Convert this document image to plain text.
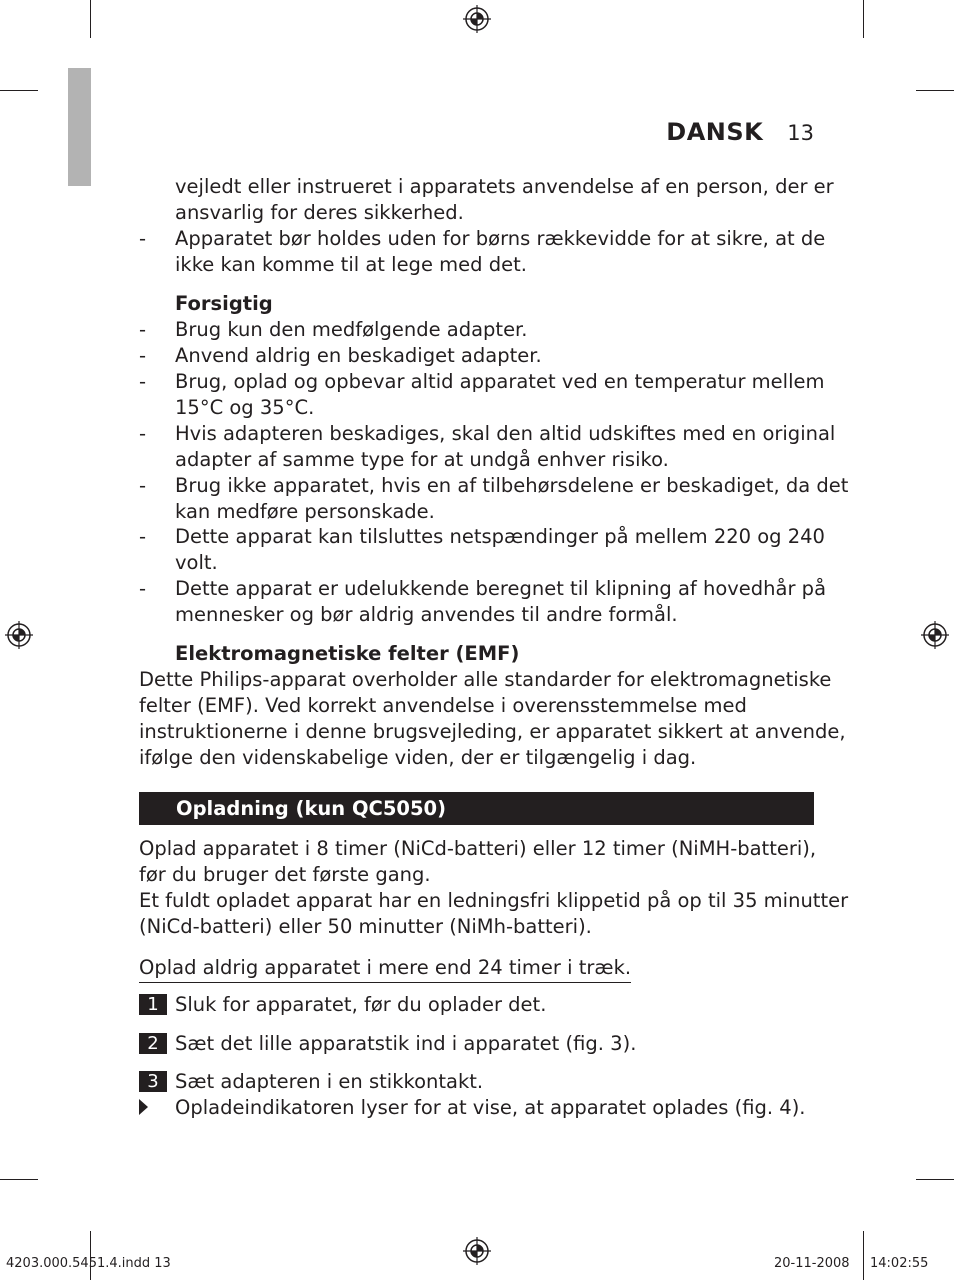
DANSK 13
vejledt eller instrueret i apparatets anvendelse af en person, der er
ansvarlig for deres sikkerhed.
- Apparatet bør holdes uden for børns rækkevidde for at sikre, at de
ikke kan komme til at lege med det.
Forsigtig
- Brug kun den medfølgende adapter.
- Anvend aldrig en beskadiget adapter.
- Brug, oplad og opbevar altid apparatet ved en temperatur mellem
15°C og 35°C.
- Hvis adapteren beskadiges, skal den altid udskiftes med en original
adapter af samme type for at undgå enhver risiko.
- Brug ikke apparatet, hvis en af tilbehørsdelene er beskadiget, da det
kan medføre personskade.
- Dette apparat kan tilsluttes netspændinger på mellem 220 og 240
volt.
- Dette apparat er udelukkende beregnet til klipning af hovedhår på
mennesker og bør aldrig anvendes til andre formål.
Elektromagnetiske felter (EMF)
Dette Philips-apparat overholder alle standarder for elektromagnetiske
felter (EMF). Ved korrekt anvendelse i overensstemmelse med
instruktionerne i denne brugsvejleding, er apparatet sikkert at anvende,
ifølge den videnskabelige viden, der er tilgængelig i dag.
Opladning (kun QC5050)
Oplad apparatet i 8 timer (NiCd-batteri) eller 12 timer (NiMH-batteri),
før du bruger det første gang.
Et fuldt opladet apparat har en ledningsfri klippetid på op til 35 minutter
(NiCd-batteri) eller 50 minutter (NiMh-batteri).
Oplad aldrig apparatet i mere end 24 timer i træk.
1 Sluk for apparatet, før du oplader det.
2 Sæt det lille apparatstik ind i apparatet (fig. 3).
3 Sæt adapteren i en stikkontakt.
Opladeindikatoren lyser for at vise, at apparatet oplades (fig. 4).
4203.000.5451.4.indd 13	20-11-2008 14:02:55
